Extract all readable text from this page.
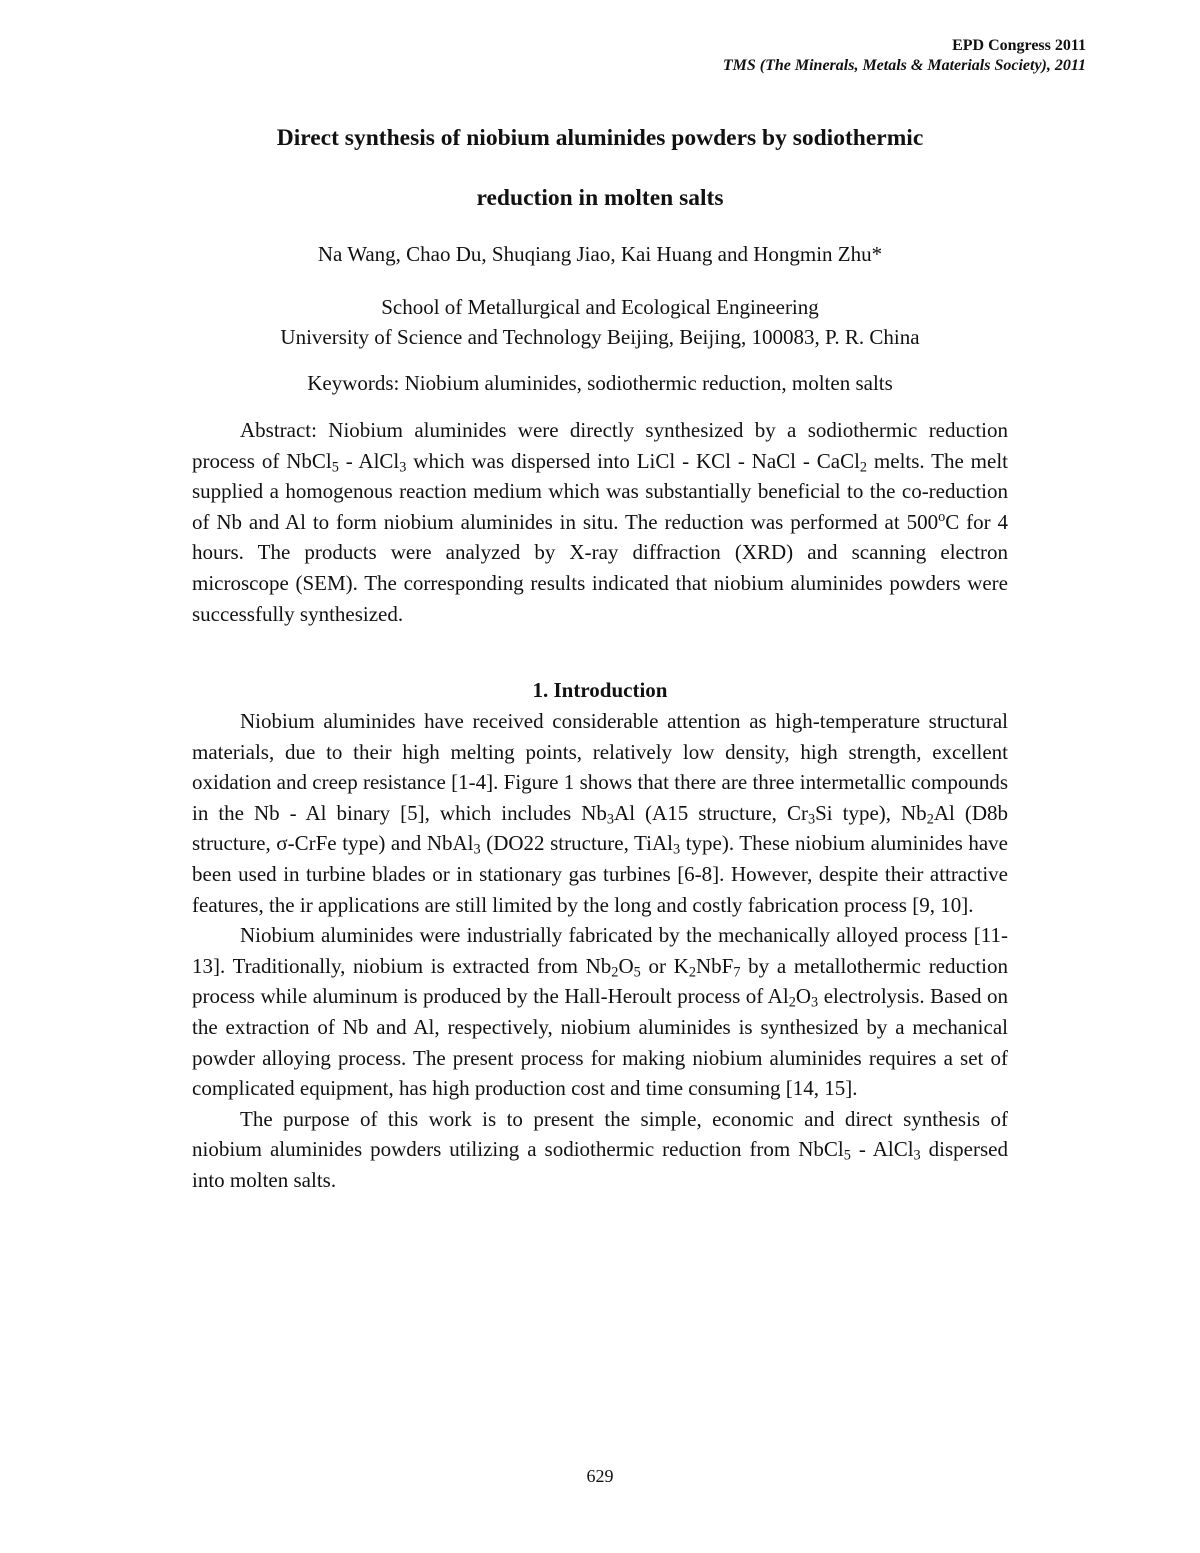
EPD Congress 2011
TMS (The Minerals, Metals & Materials Society), 2011
Direct synthesis of niobium aluminides powders by sodiothermic
reduction in molten salts
Na Wang, Chao Du, Shuqiang Jiao, Kai Huang and Hongmin Zhu*
School of Metallurgical and Ecological Engineering
University of Science and Technology Beijing, Beijing, 100083, P. R. China
Keywords: Niobium aluminides, sodiothermic reduction, molten salts

Abstract: Niobium aluminides were directly synthesized by a sodiothermic reduction process of NbCl$_5$ - AlCl$_3$ which was dispersed into LiCl - KCl - NaCl - CaCl$_2$ melts. The melt supplied a homogenous reaction medium which was substantially beneficial to the co-reduction of Nb and Al to form niobium aluminides in situ. The reduction was performed at 500$^o$C for 4 hours. The products were analyzed by X-ray diffraction (XRD) and scanning electron microscope (SEM). The corresponding results indicated that niobium aluminides powders were successfully synthesized.

1. Introduction

Niobium aluminides have received considerable attention as high-temperature structural materials, due to their high melting points, relatively low density, high strength, excellent oxidation and creep resistance [1-4]. Figure 1 shows that there are three intermetallic compounds in the Nb - Al binary [5], which includes $Nb_3Al$ (A15 structure, $Cr_3Si$ type), $Nb_2Al$ (D8b structure, σ-CrFe type) and NbAl$_3$ (DO22 structure, TiAl$_3$ type). These niobium aluminides have been used in turbine blades or in stationary gas turbines [6-8]. However, despite their attractive features, the ir applications are still limited by the long and costly fabrication process [9, 10].

Niobium aluminides were industrially fabricated by the mechanically alloyed process [11-13]. Traditionally, niobium is extracted from $Nb_2O_5$ or $K_2NbF_7$ by a metallothermic reduction process while aluminum is produced by the Hall-Heroult process of $Al_2O_3$ electrolysis. Based on the extraction of Nb and Al, respectively, niobium aluminides is synthesized by a mechanical powder alloying process. The present process for making niobium aluminides requires a set of complicated equipment, has high production cost and time consuming [14, 15].

The purpose of this work is to present the simple, economic and direct synthesis of niobium aluminides powders utilizing a sodiothermic reduction from NbCl$_5$ - AlCl$_3$ dispersed into molten salts.

629
